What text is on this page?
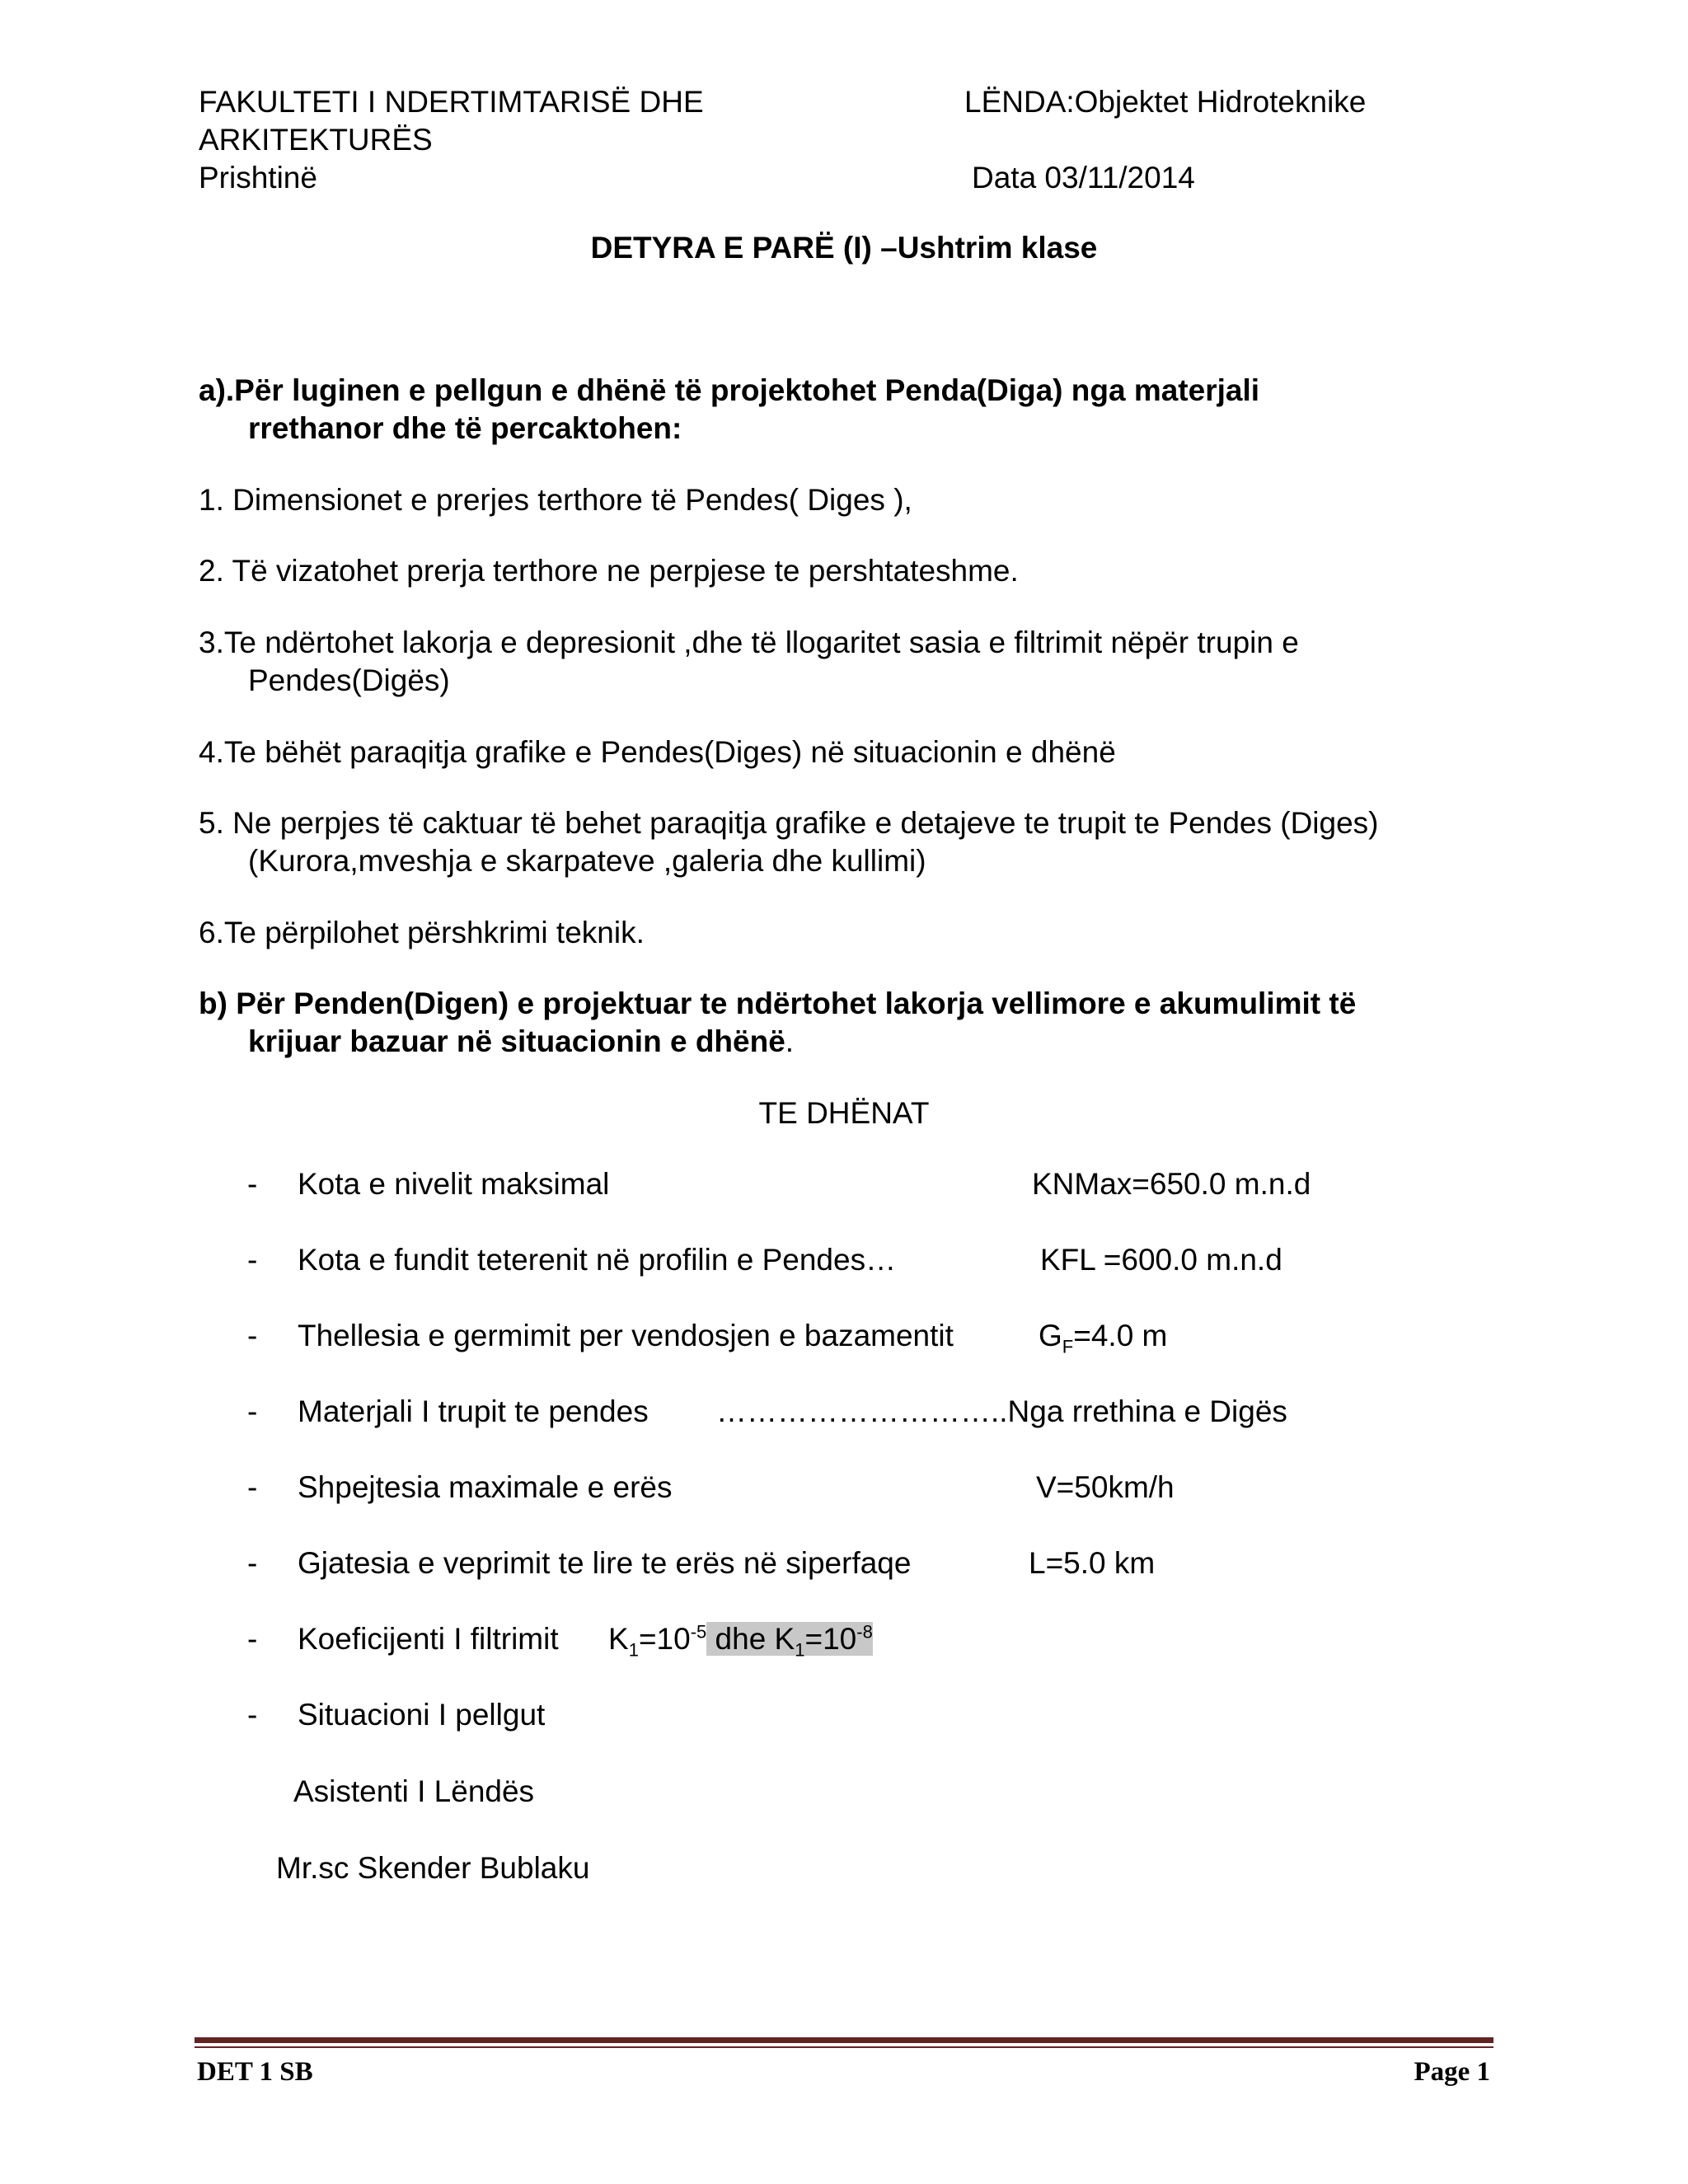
FAKULTETI I NDERTIMTARISË DHE
ARKITEKTURËS
Prishtinë
LËNDA:Objektet Hidroteknike
Data 03/11/2014
DETYRA E PARË (I) –Ushtrim klase
a).Për luginen e pellgun e dhënë të projektohet Penda(Diga) nga materjali
rrethanor dhe të percaktohen:
1. Dimensionet e prerjes terthore të Pendes( Diges ),
2. Të vizatohet prerja terthore ne perpjese te pershtateshme.
3.Te ndërtohet lakorja e depresionit ,dhe të llogaritet sasia e filtrimit nëpër trupin e
Pendes(Digës)
4.Te bëhët paraqitja grafike e Pendes(Diges) në situacionin e dhënë
5. Ne perpjes të caktuar të behet paraqitja grafike e detajeve te trupit te Pendes (Diges)
(Kurora,mveshja e skarpateve ,galeria dhe kullimi)
6.Te përpilohet përshkrimi teknik.
b) Për Penden(Digen) e projektuar te ndërtohet lakorja vellimore e akumulimit të
krijuar bazuar në situacionin e dhënë.
TE DHËNAT
- Kota e nivelit maksimal	KNMax=650.0 m.n.d
- Kota e fundit teterenit në profilin e Pendes…	KFL =600.0 m.n.d
- Thellesia e germimit per vendosjen e bazamentit	$G_F=4.0$ m
- Materjali I trupit te pendes ………………………..Nga rrethina e Digës
- Shpejtesia maximale e erës	V=50km/h
- Gjatesia e veprimit te lire te erës në siperfaqe	L=5.0 km
- Koeficijenti I filtrimit $K_1=10^{-5}$ dhe $K_1=10^{-8}$
- Situacioni I pellgut
Asistenti I Lëndës
Mr.sc Skender Bublaku
DET 1 SB	Page 1
